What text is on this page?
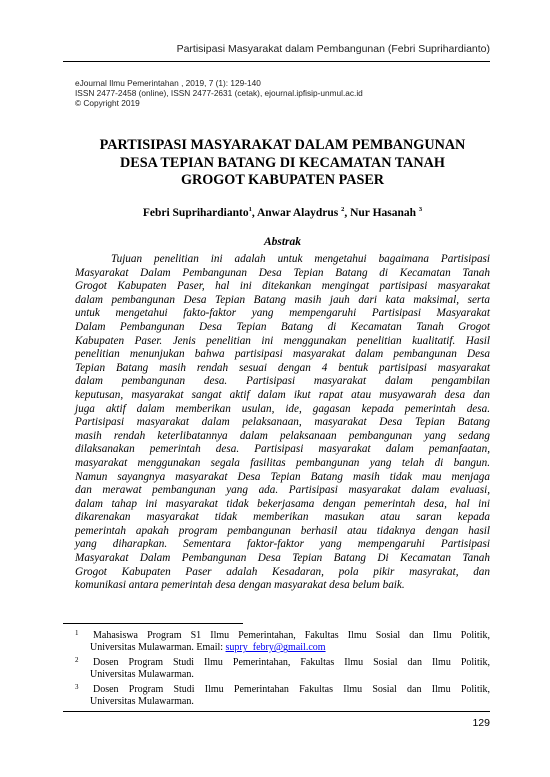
Partisipasi Masyarakat dalam Pembangunan (Febri Suprihardianto)
eJournal Ilmu Pemerintahan , 2019, 7 (1): 129-140
ISSN 2477-2458 (online), ISSN 2477-2631 (cetak), ejournal.ipfisip-unmul.ac.id
© Copyright 2019
PARTISIPASI MASYARAKAT DALAM PEMBANGUNAN
DESA TEPIAN BATANG DI KECAMATAN TANAH
GROGOT KABUPATEN PASER
Febri Suprihardianto$^1$, Anwar Alaydrus $^2$, Nur Hasanah $^3$
Abstrak
Tujuan penelitian ini adalah untuk mengetahui bagaimana Partisipasi
Masyarakat Dalam Pembangunan Desa Tepian Batang di Kecamatan Tanah
Grogot Kabupaten Paser, hal ini ditekankan mengingat partisipasi masyarakat
dalam pembangunan Desa Tepian Batang masih jauh dari kata maksimal, serta
untuk mengetahui fakto-faktor yang mempengaruhi Partisipasi Masyarakat
Dalam Pembangunan Desa Tepian Batang di Kecamatan Tanah Grogot
Kabupaten Paser. Jenis penelitian ini menggunakan penelitian kualitatif. Hasil
penelitian menunjukan bahwa partisipasi masyarakat dalam pembangunan Desa
Tepian Batang masih rendah sesuai dengan 4 bentuk partisipasi masyarakat
dalam pembangunan desa. Partisipasi masyarakat dalam pengambilan
keputusan, masyarakat sangat aktif dalam ikut rapat atau musyawarah desa dan
juga aktif dalam memberikan usulan, ide, gagasan kepada pemerintah desa.
Partisipasi masyarakat dalam pelaksanaan, masyarakat Desa Tepian Batang
masih rendah keterlibatannya dalam pelaksanaan pembangunan yang sedang
dilaksanakan pemerintah desa. Partisipasi masyarakat dalam pemanfaatan,
masyarakat menggunakan segala fasilitas pembangunan yang telah di bangun.
Namun sayangnya masyarakat Desa Tepian Batang masih tidak mau menjaga
dan merawat pembangunan yang ada. Partisipasi masyarakat dalam evaluasi,
dalam tahap ini masyarakat tidak bekerjasama dengan pemerintah desa, hal ini
dikarenakan masyarakat tidak memberikan masukan atau saran kepada
pemerintah apakah program pembangunan berhasil atau tidaknya dengan hasil
yang diharapkan. Sementara faktor-faktor yang mempengaruhi Partisipasi
Masyarakat Dalam Pembangunan Desa Tepian Batang Di Kecamatan Tanah
Grogot Kabupaten Paser adalah Kesadaran, pola pikir masyrakat, dan
komunikasi antara pemerintah desa dengan masyarakat desa belum baik.
1	Mahasiswa Program S1 Ilmu Pemerintahan, Fakultas Ilmu Sosial dan Ilmu Politik,
Universitas Mulawarman. Email: supry_febry@gmail.com
2	Dosen Program Studi Ilmu Pemerintahan, Fakultas Ilmu Sosial dan Ilmu Politik,
Universitas Mulawarman.
3	Dosen Program Studi Ilmu Pemerintahan Fakultas Ilmu Sosial dan Ilmu Politik,
Universitas Mulawarman.
129
